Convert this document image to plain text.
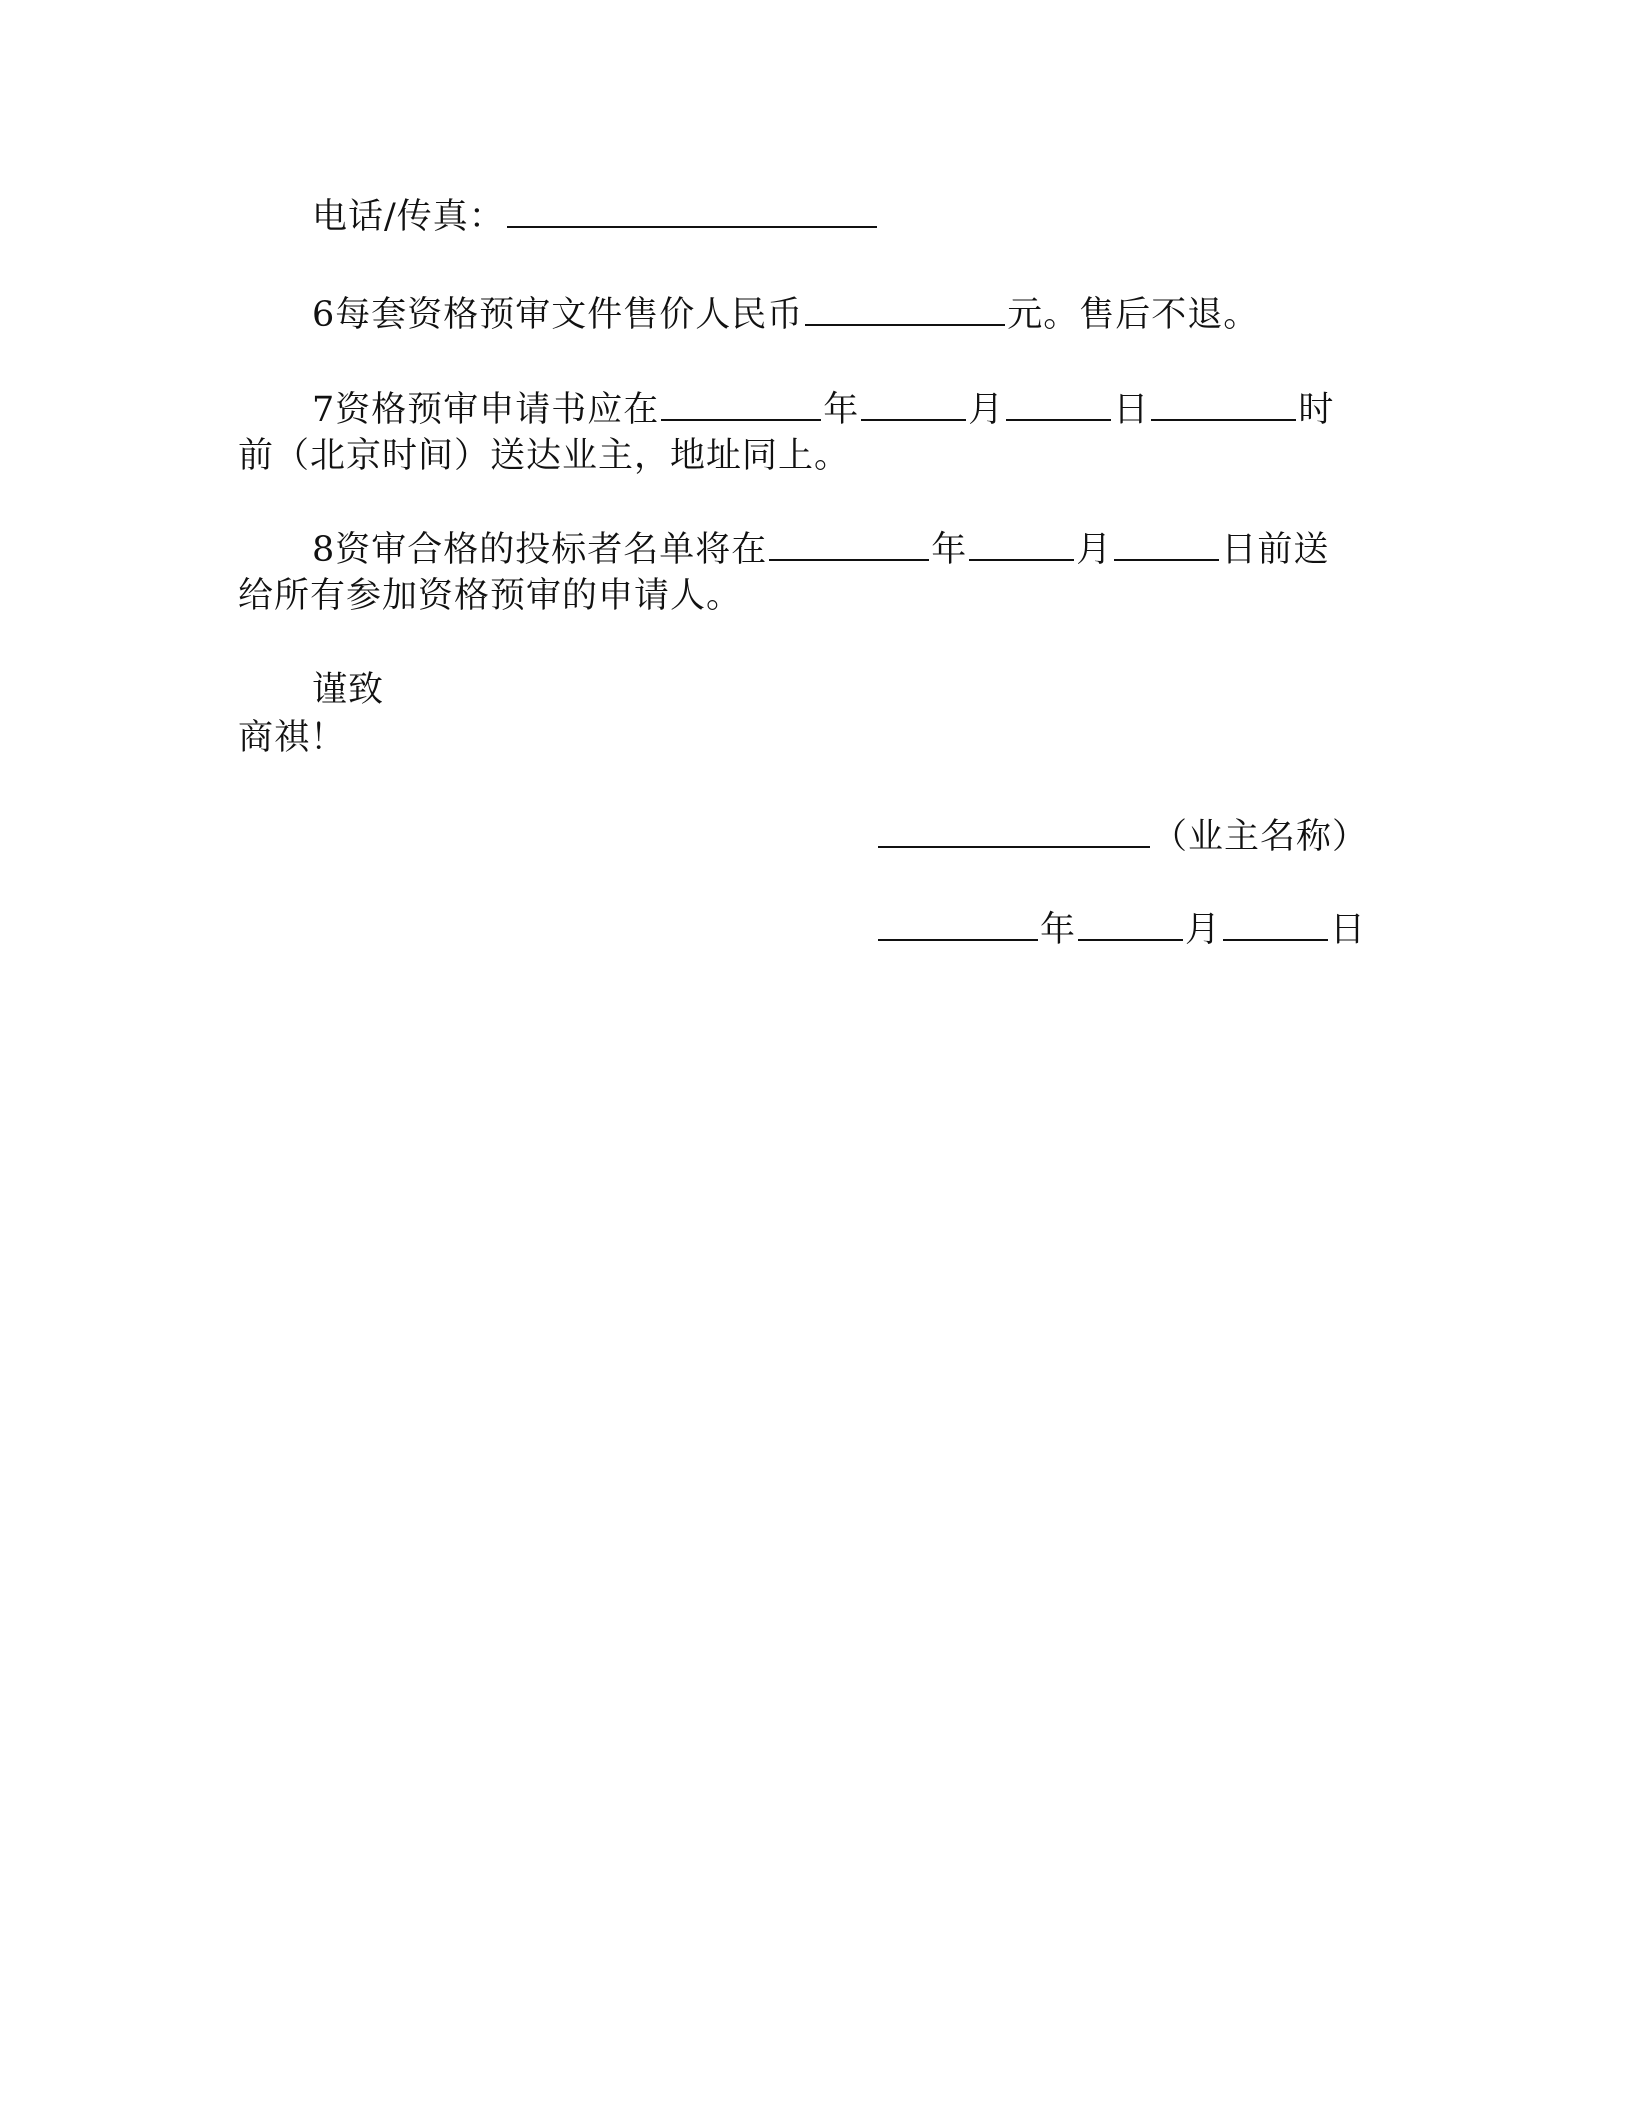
电话/传真：
6每套资格预审文件售价人民币	元。售后不退。
7资格预审申请书应在	年	月	日	时
前（北京时间）送达业主，地址同上。
8资审合格的投标者名单将在	年	月	日前送
给所有参加资格预审的申请人。
谨致
商祺！
（业主名称）
年	月	日
